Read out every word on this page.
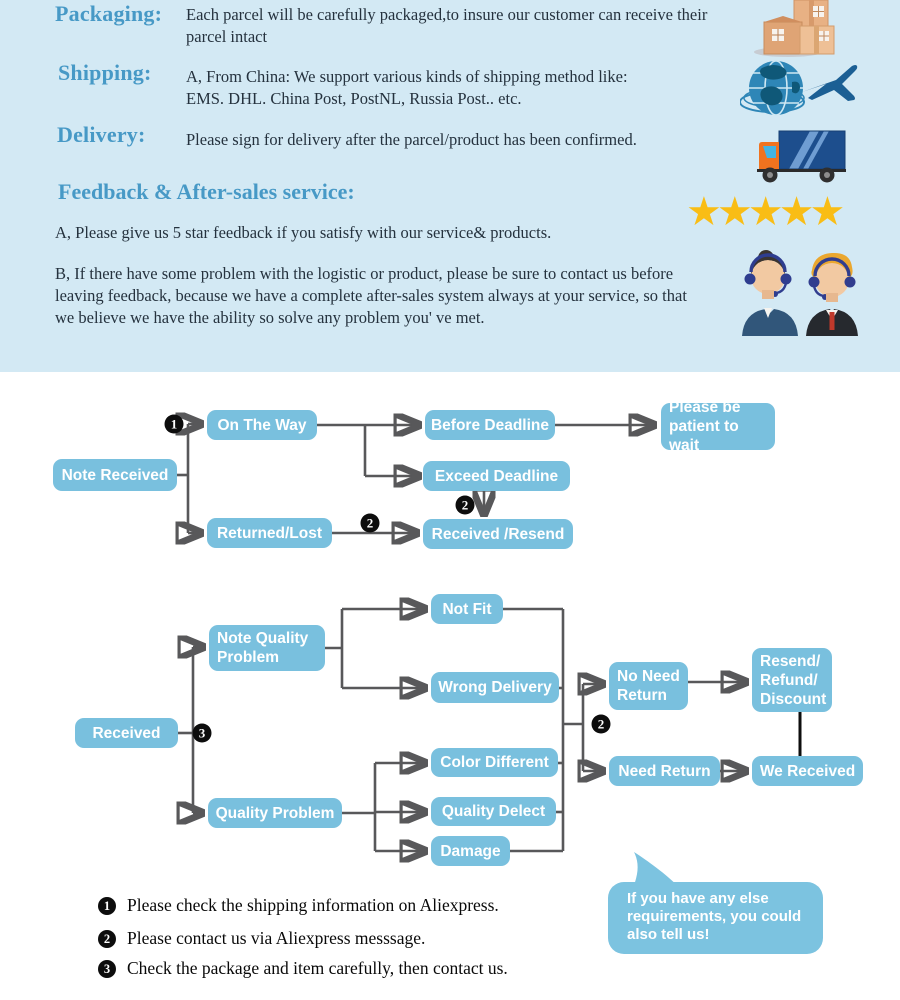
Packaging: Each parcel will be carefully packaged,to insure our customer can receive their parcel intact
Shipping: A, From China: We support various kinds of shipping method like:
EMS. DHL. China Post, PostNL, Russia Post.. etc.
Delivery: Please sign for delivery after the parcel/product has been confirmed.
Feedback & After-sales service:
A, Please give us 5 star feedback if you satisfy with our service& products.
B, If there have some problem with the logistic or product, please be sure to contact us before leaving feedback, because we have a complete after-sales system always at your service, so that we believe we have the ability so solve any problem you' ve met.
★★★★★
Note Received
On The Way	Before Deadline
Please be patient to wait
Exceed Deadline
Returned/Lost	Received /Resend
1
2
2
Received
Note Quality Problem
Quality Problem
Not Fit
Wrong Delivery
Color Different
Quality Delect
Damage
No Need Return
Need Return
Resend/ Refund/ Discount
We Received
3
2
1 Please check the shipping information on Aliexpress.
2 Please contact us via Aliexpress messsage.
3 Check the package and item carefully, then contact us.
If you have any else
requirements, you could
also tell us!
